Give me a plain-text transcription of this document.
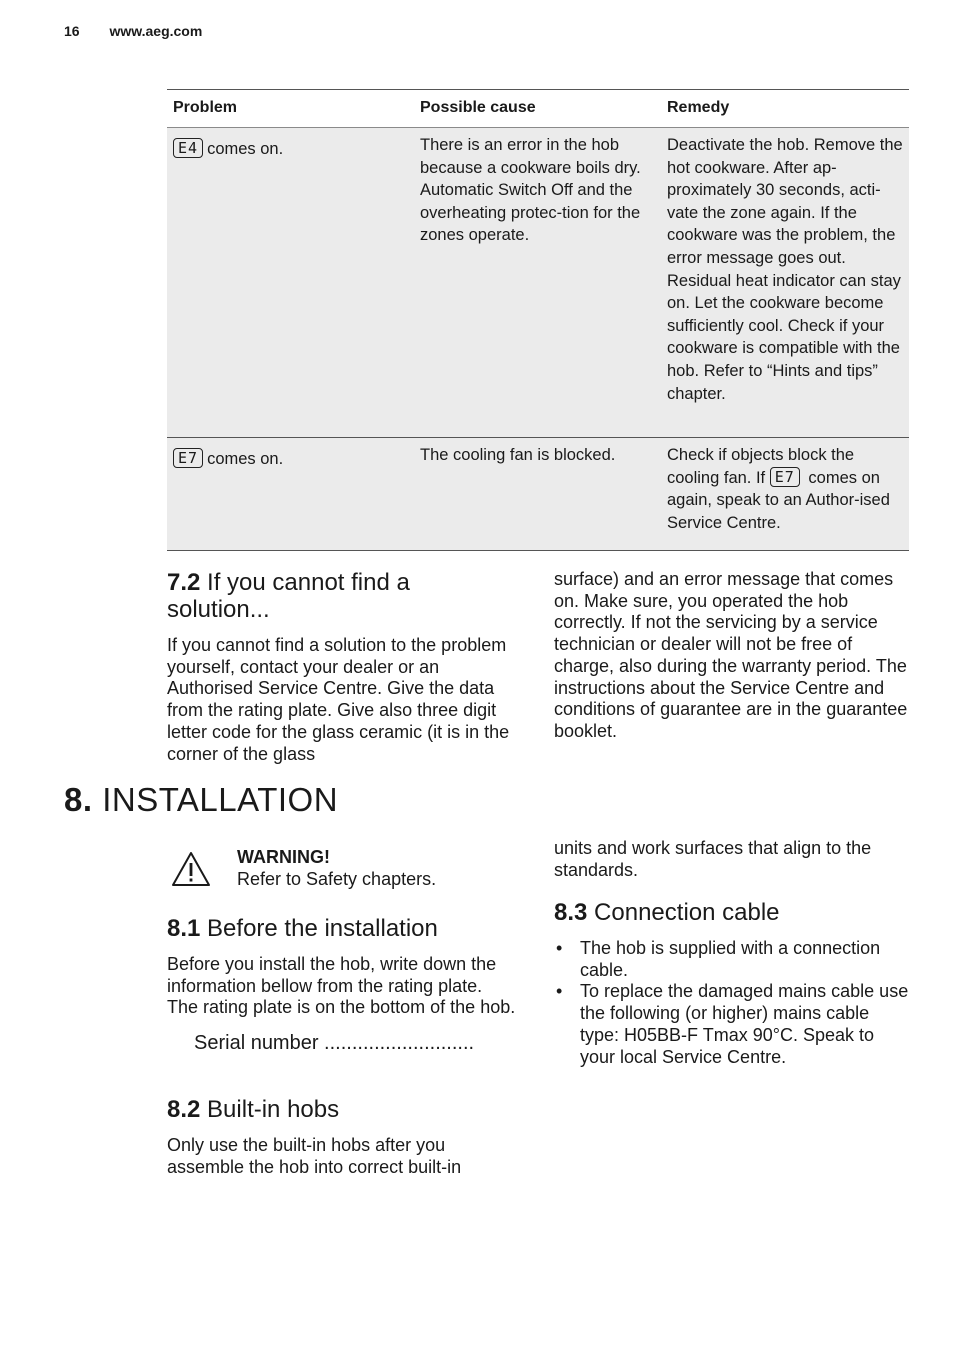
16 www.aeg.com
Problem	Possible cause	Remedy
E4 comes on.	There is an error in the hob because a cookware boils dry. Automatic Switch Off and the overheating protec-tion for the zones operate.	Deactivate the hob. Remove the hot cookware. After ap-proximately 30 seconds, acti-vate the zone again. If the cookware was the problem, the error message goes out. Residual heat indicator can stay on. Let the cookware become sufficiently cool. Check if your cookware is compatible with the hob. Refer to “Hints and tips” chapter.
E7 comes on.	The cooling fan is blocked.	Check if objects block the cooling fan. If E7 comes on again, speak to an Author-ised Service Centre.
7.2 If you cannot find a solution...

If you cannot find a solution to the problem yourself, contact your dealer or an Authorised Service Centre. Give the data from the rating plate. Give also three digit letter code for the glass ceramic (it is in the corner of the glass

surface) and an error message that comes on. Make sure, you operated the hob correctly. If not the servicing by a service technician or dealer will not be free of charge, also during the warranty period. The instructions about the Service Centre and conditions of guarantee are in the guarantee booklet.

8. INSTALLATION
WARNING!
Refer to Safety chapters.
8.1 Before the installation

Before you install the hob, write down the information bellow from the rating plate. The rating plate is on the bottom of the hob.

Serial number ...........................

8.2 Built-in hobs

Only use the built-in hobs after you assemble the hob into correct built-in

units and work surfaces that align to the standards.

8.3 Connection cable
• The hob is supplied with a connection cable.
• To replace the damaged mains cable use the following (or higher) mains cable type: H05BB-F Tmax 90°C. Speak to your local Service Centre.
